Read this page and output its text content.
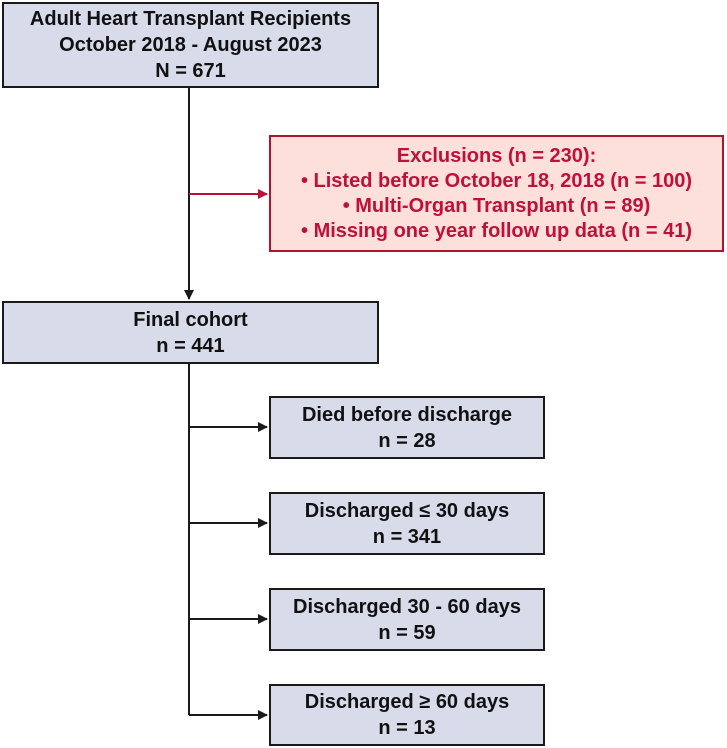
Adult Heart Transplant Recipients
October 2018 - August 2023
N = 671
Exclusions (n = 230):
• Listed before October 18, 2018 (n = 100)
• Multi-Organ Transplant (n = 89)
• Missing one year follow up data (n = 41)
Final cohort
n = 441
Died before discharge
n = 28
Discharged ≤ 30 days
n = 341
Discharged 30 - 60 days
n = 59
Discharged ≥ 60 days
n = 13
